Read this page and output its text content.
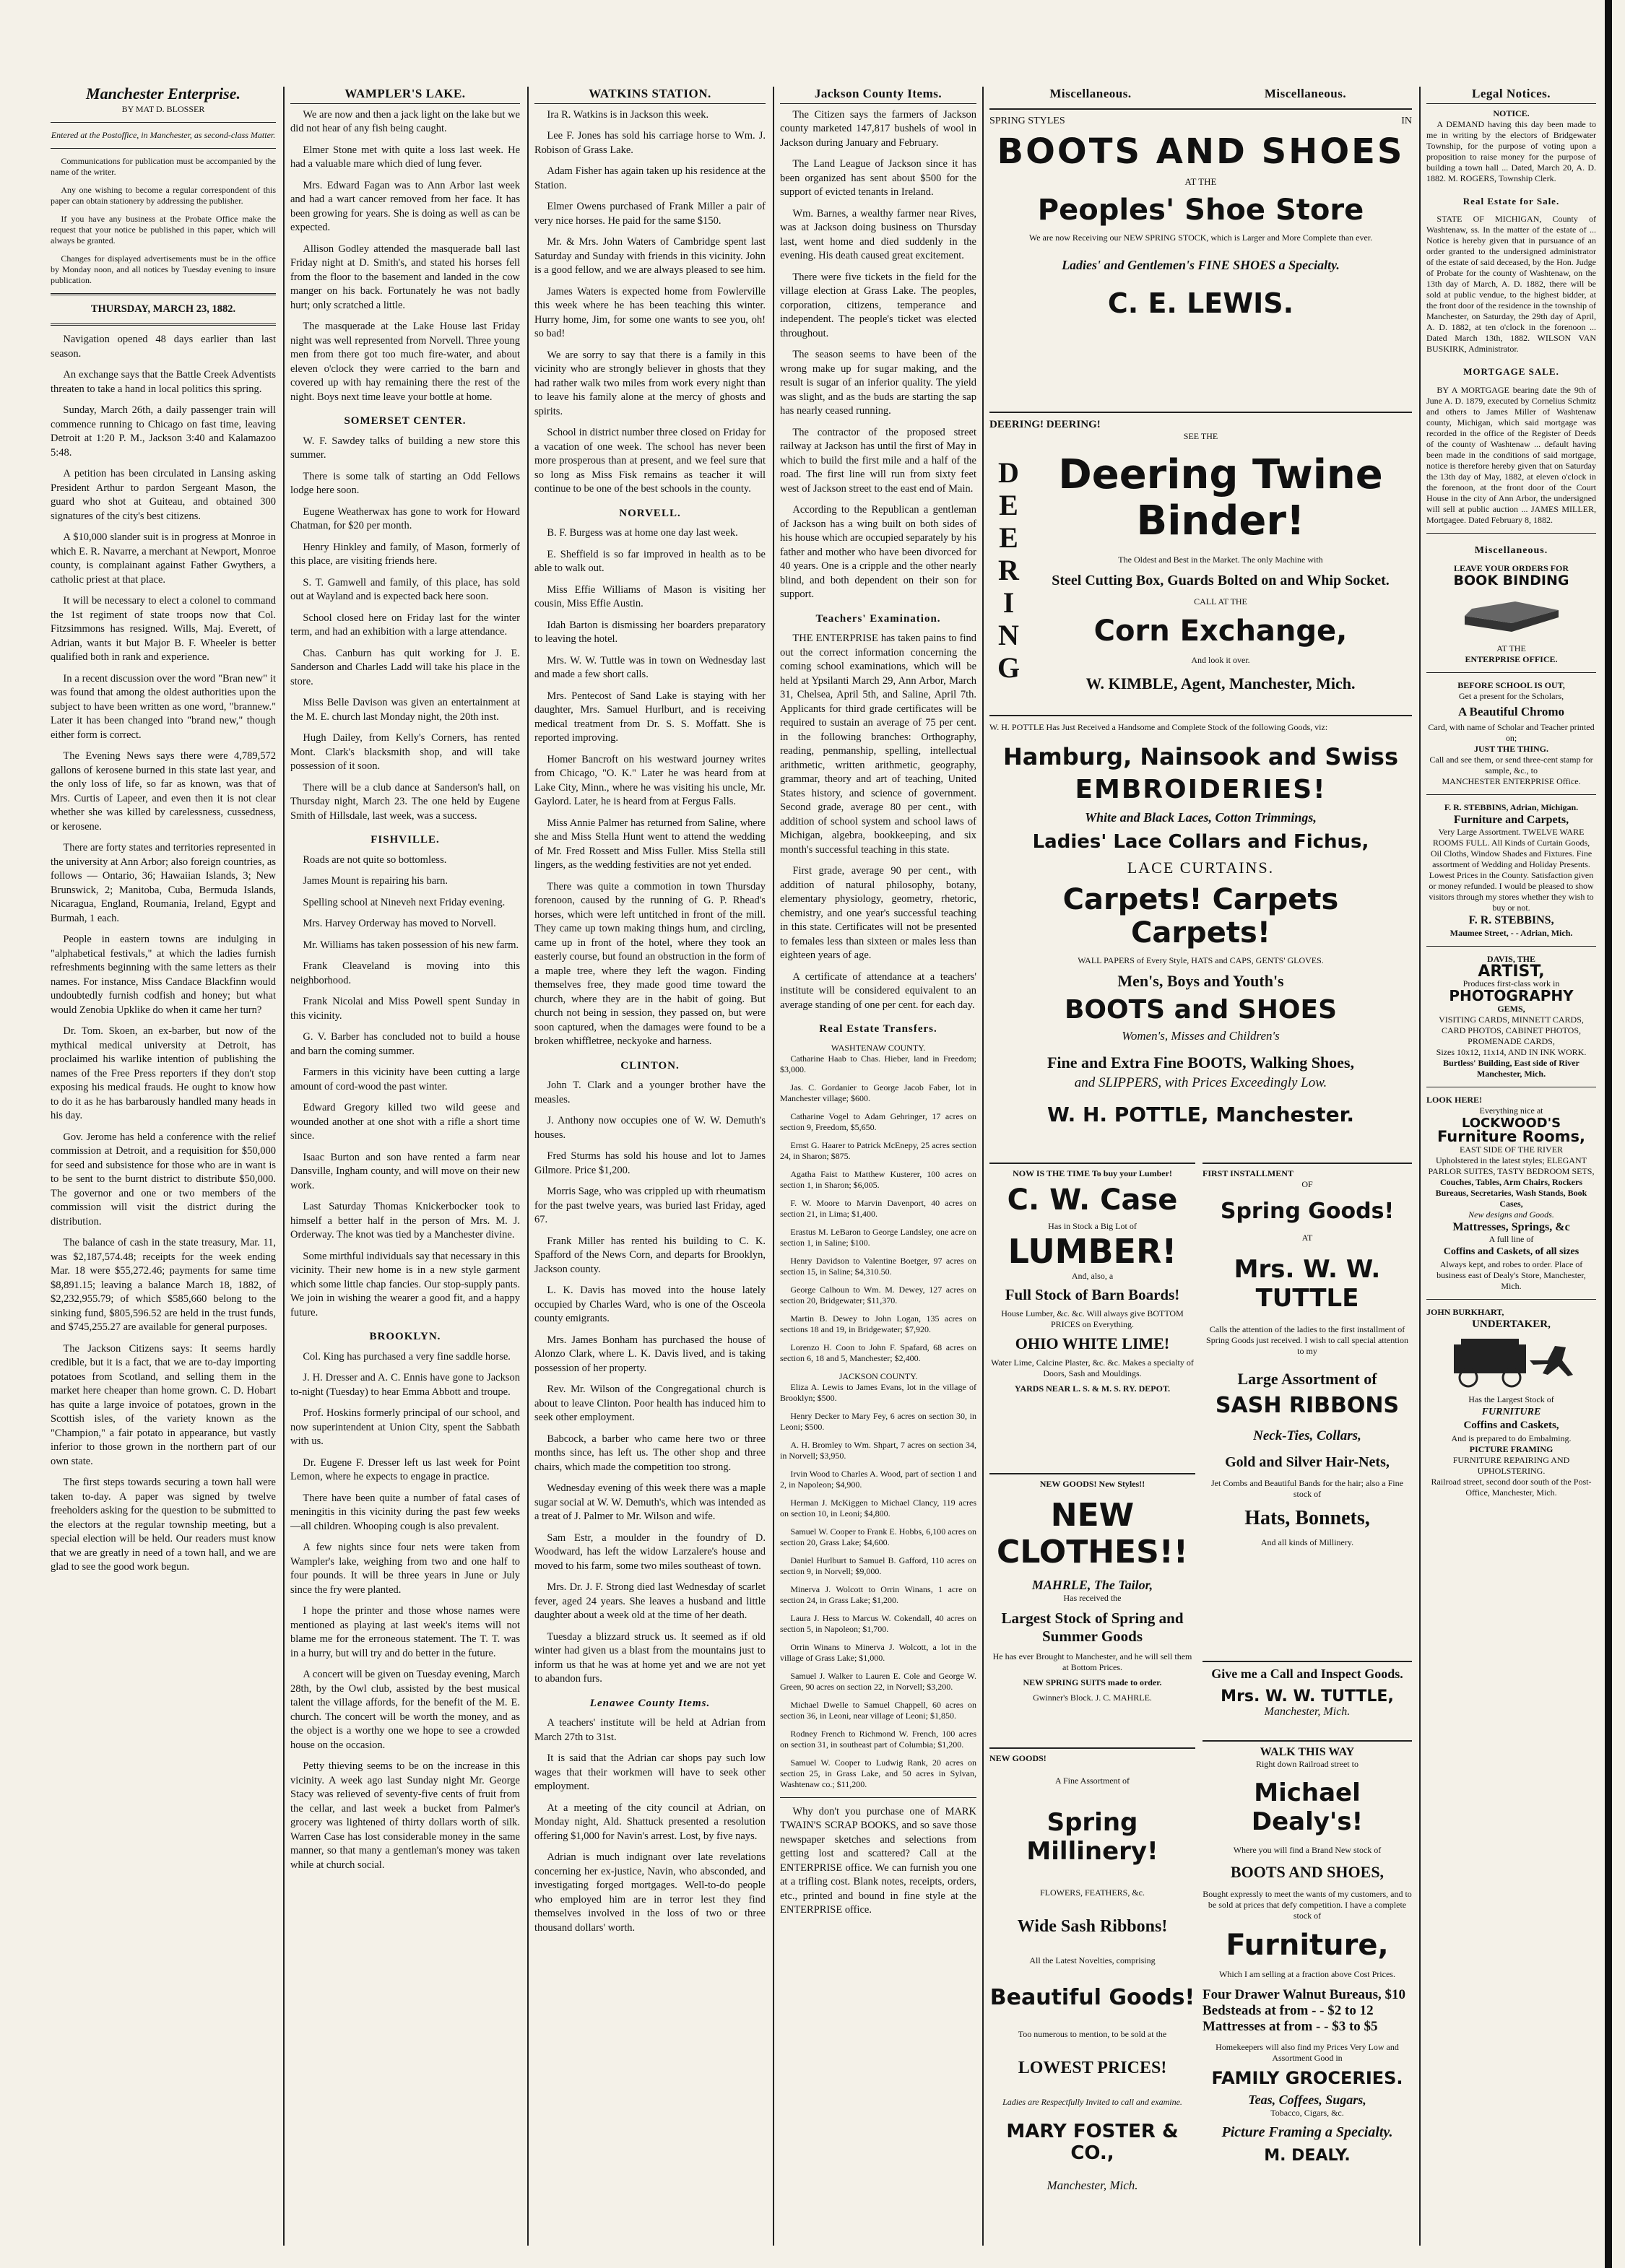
Manchester Enterprise.
BY MAT D. BLOSSER
Entered at the Postoffice, in Manchester, as second-class Matter.

Communications for publication must be accompanied by the name of the writer.

Any one wishing to become a regular correspondent of this paper can obtain stationery by addressing the publisher.

If you have any business at the Probate Office make the request that your notice be published in this paper, which will always be granted.

Changes for displayed advertisements must be in the office by Monday noon, and all notices by Tuesday evening to insure publication.

THURSDAY, MARCH 23, 1882.

Navigation opened 48 days earlier than last season.

An exchange says that the Battle Creek Adventists threaten to take a hand in local politics this spring.

Sunday, March 26th, a daily passenger train will commence running to Chicago on fast time, leaving Detroit at 1:20 P. M., Jackson 3:40 and Kalamazoo 5:48.

A petition has been circulated in Lansing asking President Arthur to pardon Sergeant Mason, the guard who shot at Guiteau, and obtained 300 signatures of the city's best citizens.

A $10,000 slander suit is in progress at Monroe in which E. R. Navarre, a merchant at Newport, Monroe county, is complainant against Father Gwythers, a catholic priest at that place.

It will be necessary to elect a colonel to command the 1st regiment of state troops now that Col. Fitzsimmons has resigned. Wills, Maj. Everett, of Adrian, wants it but Major B. F. Wheeler is better qualified both in rank and experience.

In a recent discussion over the word "Bran new" it was found that among the oldest authorities upon the subject to have been written as one word, "brannew." Later it has been changed into "brand new," though either form is correct.

The Evening News says there were 4,789,572 gallons of kerosene burned in this state last year, and the only loss of life, so far as known, was that of Mrs. Curtis of Lapeer, and even then it is not clear whether she was killed by carelessness, cussedness, or kerosene.

There are forty states and territories represented in the university at Ann Arbor; also foreign countries, as follows — Ontario, 36; Hawaiian Islands, 3; New Brunswick, 2; Manitoba, Cuba, Bermuda Islands, Nicaragua, England, Roumania, Ireland, Egypt and Burmah, 1 each.

People in eastern towns are indulging in "alphabetical festivals," at which the ladies furnish refreshments beginning with the same letters as their names. For instance, Miss Candace Blackfinn would undoubtedly furnish codfish and honey; but what would Zenobia Upklike do when it came her turn?

Dr. Tom. Skoen, an ex-barber, but now of the mythical medical university at Detroit, has proclaimed his warlike intention of publishing the names of the Free Press reporters if they don't stop exposing his medical frauds. He ought to know how to do it as he has barbarously handled many heads in his day.

Gov. Jerome has held a conference with the relief commission at Detroit, and a requisition for $50,000 for seed and subsistence for those who are in want is to be sent to the burnt district to distribute $50,000. The governor and one or two members of the commission will visit the district during the distribution.

The balance of cash in the state treasury, Mar. 11, was $2,187,574.48; receipts for the week ending Mar. 18 were $55,272.46; payments for same time $8,891.15; leaving a balance March 18, 1882, of $2,232,955.79; of which $585,660 belong to the sinking fund, $805,596.52 are held in the trust funds, and $745,255.27 are available for general purposes.

The Jackson Citizens says: It seems hardly credible, but it is a fact, that we are to-day importing potatoes from Scotland, and selling them in the market here cheaper than home grown. C. D. Hobart has quite a large invoice of potatoes, grown in the Scottish isles, of the variety known as the "Champion," a fair potato in appearance, but vastly inferior to those grown in the northern part of our own state.

The first steps towards securing a town hall were taken to-day. A paper was signed by twelve freeholders asking for the question to be submitted to the electors at the regular township meeting, but a special election will be held. Our readers must know that we are greatly in need of a town hall, and we are glad to see the good work begun.

WAMPLER'S LAKE.

We are now and then a jack light on the lake but we did not hear of any fish being caught.

Elmer Stone met with quite a loss last week. He had a valuable mare which died of lung fever.

Mrs. Edward Fagan was to Ann Arbor last week and had a wart cancer removed from her face. It has been growing for years. She is doing as well as can be expected.

Allison Godley attended the masquerade ball last Friday night at D. Smith's, and stated his horses fell from the floor to the basement and landed in the cow manger on his back. Fortunately he was not badly hurt; only scratched a little.

The masquerade at the Lake House last Friday night was well represented from Norvell. Three young men from there got too much fire-water, and about eleven o'clock they were carried to the barn and covered up with hay remaining there the rest of the night. Boys next time leave your bottle at home.

SOMERSET CENTER.

W. F. Sawdey talks of building a new store this summer.

There is some talk of starting an Odd Fellows lodge here soon.

Eugene Weatherwax has gone to work for Howard Chatman, for $20 per month.

Henry Hinkley and family, of Mason, formerly of this place, are visiting friends here.

S. T. Gamwell and family, of this place, has sold out at Wayland and is expected back here soon.

School closed here on Friday last for the winter term, and had an exhibition with a large attendance.

Chas. Canburn has quit working for J. E. Sanderson and Charles Ladd will take his place in the store.

Miss Belle Davison was given an entertainment at the M. E. church last Monday night, the 20th inst.

Hugh Dailey, from Kelly's Corners, has rented Mont. Clark's blacksmith shop, and will take possession of it soon.

There will be a club dance at Sanderson's hall, on Thursday night, March 23. The one held by Eugene Smith of Hillsdale, last week, was a success.

FISHVILLE.

Roads are not quite so bottomless.

James Mount is repairing his barn.

Spelling school at Nineveh next Friday evening.

Mrs. Harvey Orderway has moved to Norvell.

Mr. Williams has taken possession of his new farm.

Frank Cleaveland is moving into this neighborhood.

Frank Nicolai and Miss Powell spent Sunday in this vicinity.

G. V. Barber has concluded not to build a house and barn the coming summer.

Farmers in this vicinity have been cutting a large amount of cord-wood the past winter.

Edward Gregory killed two wild geese and wounded another at one shot with a rifle a short time since.

Isaac Burton and son have rented a farm near Dansville, Ingham county, and will move on their new work.

Last Saturday Thomas Knickerbocker took to himself a better half in the person of Mrs. M. J. Orderway. The knot was tied by a Manchester divine.

Some mirthful individuals say that necessary in this vicinity. Their new home is in a new style garment which some little chap fancies. Our stop-supply pants. We join in wishing the wearer a good fit, and a happy future.

BROOKLYN.

Col. King has purchased a very fine saddle horse.

J. H. Dresser and A. C. Ennis have gone to Jackson to-night (Tuesday) to hear Emma Abbott and troupe.

Prof. Hoskins formerly principal of our school, and now superintendent at Union City, spent the Sabbath with us.

Dr. Eugene F. Dresser left us last week for Point Lemon, where he expects to engage in practice.

There have been quite a number of fatal cases of meningitis in this vicinity during the past few weeks—all children. Whooping cough is also prevalent.

A few nights since four nets were taken from Wampler's lake, weighing from two and one half to four pounds. It will be three years in June or July since the fry were planted.

I hope the printer and those whose names were mentioned as playing at last week's items will not blame me for the erroneous statement. The T. T. was in a hurry, but will try and do better in the future.

A concert will be given on Tuesday evening, March 28th, by the Owl club, assisted by the best musical talent the village affords, for the benefit of the M. E. church. The concert will be worth the money, and as the object is a worthy one we hope to see a crowded house on the occasion.

Petty thieving seems to be on the increase in this vicinity. A week ago last Sunday night Mr. George Stacy was relieved of seventy-five cents of fruit from the cellar, and last week a bucket from Palmer's grocery was lightened of thirty dollars worth of silk. Warren Case has lost considerable money in the same manner, so that many a gentleman's money was taken while at church social.

WATKINS STATION.

Ira R. Watkins is in Jackson this week.

Lee F. Jones has sold his carriage horse to Wm. J. Robison of Grass Lake.

Adam Fisher has again taken up his residence at the Station.

Elmer Owens purchased of Frank Miller a pair of very nice horses. He paid for the same $150.

Mr. & Mrs. John Waters of Cambridge spent last Saturday and Sunday with friends in this vicinity. John is a good fellow, and we are always pleased to see him.

James Waters is expected home from Fowlerville this week where he has been teaching this winter. Hurry home, Jim, for some one wants to see you, oh! so bad!

We are sorry to say that there is a family in this vicinity who are strongly believer in ghosts that they had rather walk two miles from work every night than to leave his family alone at the mercy of ghosts and spirits.

School in district number three closed on Friday for a vacation of one week. The school has never been more prosperous than at present, and we feel sure that so long as Miss Fisk remains as teacher it will continue to be one of the best schools in the county.

NORVELL.

B. F. Burgess was at home one day last week.

E. Sheffield is so far improved in health as to be able to walk out.

Miss Effie Williams of Mason is visiting her cousin, Miss Effie Austin.

Idah Barton is dismissing her boarders preparatory to leaving the hotel.

Mrs. W. W. Tuttle was in town on Wednesday last and made a few short calls.

Mrs. Pentecost of Sand Lake is staying with her daughter, Mrs. Samuel Hurlburt, and is receiving medical treatment from Dr. S. S. Moffatt. She is reported improving.

Homer Bancroft on his westward journey writes from Chicago, "O. K." Later he was heard from at Lake City, Minn., where he was visiting his uncle, Mr. Gaylord. Later, he is heard from at Fergus Falls.

Miss Annie Palmer has returned from Saline, where she and Miss Stella Hunt went to attend the wedding of Mr. Fred Rossett and Miss Fuller. Miss Stella still lingers, as the wedding festivities are not yet ended.

There was quite a commotion in town Thursday forenoon, caused by the running of G. P. Rhead's horses, which were left untitched in front of the mill. They came up town making things hum, and circling, came up in front of the hotel, where they took an easterly course, but found an obstruction in the form of a maple tree, where they left the wagon. Finding themselves free, they made good time toward the church, where they are in the habit of going. But church not being in session, they passed on, but were soon captured, when the damages were found to be a broken whiffletree, neckyoke and harness.

CLINTON.

John T. Clark and a younger brother have the measles.

J. Anthony now occupies one of W. W. Demuth's houses.

Fred Sturms has sold his house and lot to James Gilmore. Price $1,200.

Morris Sage, who was crippled up with rheumatism for the past twelve years, was buried last Friday, aged 67.

Frank Miller has rented his building to C. K. Spafford of the News Corn, and departs for Brooklyn, Jackson county.

L. K. Davis has moved into the house lately occupied by Charles Ward, who is one of the Osceola county emigrants.

Mrs. James Bonham has purchased the house of Alonzo Clark, where L. K. Davis lived, and is taking possession of her property.

Rev. Mr. Wilson of the Congregational church is about to leave Clinton. Poor health has induced him to seek other employment.

Babcock, a barber who came here two or three months since, has left us. The other shop and three chairs, which made the competition too strong.

Wednesday evening of this week there was a maple sugar social at W. W. Demuth's, which was intended as a treat of J. Palmer to Mr. Wilson and wife.

Sam Estr, a moulder in the foundry of D. Woodward, has left the widow Larzalere's house and moved to his farm, some two miles southeast of town.

Mrs. Dr. J. F. Strong died last Wednesday of scarlet fever, aged 24 years. She leaves a husband and little daughter about a week old at the time of her death.

Tuesday a blizzard struck us. It seemed as if old winter had given us a blast from the mountains just to inform us that he was at home yet and we are not yet to abandon furs.

Lenawee County Items.

A teachers' institute will be held at Adrian from March 27th to 31st.

It is said that the Adrian car shops pay such low wages that their workmen will have to seek other employment.

At a meeting of the city council at Adrian, on Monday night, Ald. Shattuck presented a resolution offering $1,000 for Navin's arrest. Lost, by five nays.

Adrian is much indignant over late revelations concerning her ex-justice, Navin, who absconded, and investigating forged mortgages. Well-to-do people who employed him are in terror lest they find themselves involved in the loss of two or three thousand dollars' worth.

Jackson County Items.

The Citizen says the farmers of Jackson county marketed 147,817 bushels of wool in Jackson during January and February.

The Land League of Jackson since it has been organized has sent about $500 for the support of evicted tenants in Ireland.

Wm. Barnes, a wealthy farmer near Rives, was at Jackson doing business on Thursday last, went home and died suddenly in the evening. His death caused great excitement.

There were five tickets in the field for the village election at Grass Lake. The peoples, corporation, citizens, temperance and independent. The people's ticket was elected throughout.

The season seems to have been of the wrong make up for sugar making, and the result is sugar of an inferior quality. The yield was slight, and as the buds are starting the sap has nearly ceased running.

The contractor of the proposed street railway at Jackson has until the first of May in which to build the first mile and a half of the road. The first line will run from sixty feet west of Jackson street to the east end of Main.

According to the Republican a gentleman of Jackson has a wing built on both sides of his house which are occupied separately by his father and mother who have been divorced for 40 years. One is a cripple and the other nearly blind, and both dependent on their son for support.

Teachers' Examination.

THE ENTERPRISE has taken pains to find out the correct information concerning the coming school examinations, which will be held at Ypsilanti March 29, Ann Arbor, March 31, Chelsea, April 5th, and Saline, April 7th. Applicants for third grade certificates will be required to sustain an average of 75 per cent. in the following branches: Orthography, reading, penmanship, spelling, intellectual arithmetic, written arithmetic, geography, grammar, theory and art of teaching, United States history, and science of government. Second grade, average 80 per cent., with addition of school system and school laws of Michigan, algebra, bookkeeping, and six month's successful teaching in this state.

First grade, average 90 per cent., with addition of natural philosophy, botany, elementary physiology, geometry, rhetoric, chemistry, and one year's successful teaching in this state. Certificates will not be presented to females less than sixteen or males less than eighteen years of age.

A certificate of attendance at a teachers' institute will be considered equivalent to an average standing of one per cent. for each day.

Real Estate Transfers.
WASHTENAW COUNTY.

Catharine Haab to Chas. Hieber, land in Freedom; $3,000.

Jas. C. Gordanier to George Jacob Faber, lot in Manchester village; $600.

Catharine Vogel to Adam Gehringer, 17 acres on section 9, Freedom, $5,650.

Ernst G. Haarer to Patrick McEnepy, 25 acres section 24, in Sharon; $875.

Agatha Faist to Matthew Kusterer, 100 acres on section 1, in Sharon; $6,005.

F. W. Moore to Marvin Davenport, 40 acres on section 21, in Lima; $1,400.

Erastus M. LeBaron to George Landsley, one acre on section 1, in Saline; $100.

Henry Davidson to Valentine Boetger, 97 acres on section 15, in Saline; $4,310.50.

George Calhoun to Wm. M. Dewey, 127 acres on section 20, Bridgewater; $11,370.

Martin B. Dewey to John Logan, 135 acres on sections 18 and 19, in Bridgewater; $7,920.

Lorenzo H. Coon to John F. Spafard, 68 acres on section 6, 18 and 5, Manchester; $2,400.

JACKSON COUNTY.

Eliza A. Lewis to James Evans, lot in the village of Brooklyn; $500.

Henry Decker to Mary Fey, 6 acres on section 30, in Leoni; $500.

A. H. Bromley to Wm. Shpart, 7 acres on section 34, in Norvell; $3,950.

Irvin Wood to Charles A. Wood, part of section 1 and 2, in Napoleon; $4,900.

Herman J. McKiggen to Michael Clancy, 119 acres on section 10, in Leoni; $4,800.

Samuel W. Cooper to Frank E. Hobbs, 6,100 acres on section 20, Grass Lake; $4,600.

Daniel Hurlburt to Samuel B. Gafford, 110 acres on section 9, in Norvell; $9,000.

Minerva J. Wolcott to Orrin Winans, 1 acre on section 24, in Grass Lake; $1,200.

Laura J. Hess to Marcus W. Cokendall, 40 acres on section 5, in Napoleon; $1,700.

Orrin Winans to Minerva J. Wolcott, a lot in the village of Grass Lake; $1,000.

Samuel J. Walker to Lauren E. Cole and George W. Green, 90 acres on section 22, in Norvell; $3,200.

Michael Dwelle to Samuel Chappell, 60 acres on section 36, in Leoni, near village of Leoni; $1,850.

Rodney French to Richmond W. French, 100 acres on section 31, in southeast part of Columbia; $1,200.

Samuel W. Cooper to Ludwig Rank, 20 acres on section 25, in Grass Lake, and 50 acres in Sylvan, Washtenaw co.; $11,200.

Why don't you purchase one of MARK TWAIN'S SCRAP BOOKS, and so save those newspaper sketches and selections from getting lost and scattered? Call at the ENTERPRISE office. We can furnish you one at a trifling cost. Blank notes, receipts, orders, etc., printed and bound in fine style at the ENTERPRISE office.

Miscellaneous.	Miscellaneous.
SPRING STYLES	IN
BOOTS AND SHOES
AT THE
Peoples' Shoe Store
We are now Receiving our NEW SPRING STOCK, which is Larger and More Complete than ever.
Ladies' and Gentlemen's FINE SHOES a Specialty.
C. E. LEWIS.
DEERING! DEERING!
SEE THE
DEERING Deering Twine Binder!
The Oldest and Best in the Market. The only Machine with
Steel Cutting Box, Guards Bolted on and Whip Socket.
CALL AT THE
Corn Exchange,
And look it over.
W. KIMBLE, Agent, Manchester, Mich.
W. H. POTTLE Has Just Received a Handsome and Complete Stock of the following Goods, viz:
Hamburg, Nainsook and Swiss
EMBROIDERIES!
White and Black Laces, Cotton Trimmings,
Ladies' Lace Collars and Fichus,
LACE CURTAINS.
Carpets! Carpets Carpets!
WALL PAPERS of Every Style, HATS and CAPS, GENTS' GLOVES.
Men's, Boys and Youth's
BOOTS and SHOES
Women's, Misses and Children's
Fine and Extra Fine BOOTS, Walking Shoes,
and SLIPPERS, with Prices Exceedingly Low.
W. H. POTTLE, Manchester.
NOW IS THE TIME To buy your Lumber!
C. W. Case
Has in Stock a Big Lot of
LUMBER!
And, also, a
Full Stock of Barn Boards!
House Lumber, &c. &c. Will always give BOTTOM PRICES on Everything.
OHIO WHITE LIME!
Water Lime, Calcine Plaster, &c. &c. Makes a specialty of Doors, Sash and Mouldings.
YARDS NEAR L. S. & M. S. RY. DEPOT.
NEW GOODS! New Styles!!
NEW CLOTHES!!
MAHRLE, The Tailor,
Has received the
Largest Stock of Spring and Summer Goods
He has ever Brought to Manchester, and he will sell them at Bottom Prices.
NEW SPRING SUITS made to order.
Gwinner's Block. J. C. MAHRLE.
NEW GOODS!
A Fine Assortment of
Spring Millinery!
FLOWERS, FEATHERS, &c.
Wide Sash Ribbons!
All the Latest Novelties, comprising
Beautiful Goods!
Too numerous to mention, to be sold at the
LOWEST PRICES!
Ladies are Respectfully Invited to call and examine.
MARY FOSTER & CO.,
Manchester, Mich.
FIRST INSTALLMENT
OF
Spring Goods!
AT
Mrs. W. W. TUTTLE
Calls the attention of the ladies to the first installment of Spring Goods just received. I wish to call special attention to my
Large Assortment of
SASH RIBBONS
Neck-Ties, Collars,
Gold and Silver Hair-Nets,
Jet Combs and Beautiful Bands for the hair; also a Fine stock of
Hats, Bonnets,
And all kinds of Millinery.
Give me a Call and Inspect Goods.
Mrs. W. W. TUTTLE,
Manchester, Mich.
WALK THIS WAY
Right down Railroad street to
Michael Dealy's!
Where you will find a Brand New stock of
BOOTS AND SHOES,
Bought expressly to meet the wants of my customers, and to be sold at prices that defy competition. I have a complete stock of
Furniture,
Which I am selling at a fraction above Cost Prices.
Four Drawer Walnut Bureaus, $10
Bedsteads at from - - $2 to 12
Mattresses at from - - $3 to $5
Homekeepers will also find my Prices Very Low and Assortment Good in
FAMILY GROCERIES.
Teas, Coffees, Sugars,
Tobacco, Cigars, &c.
Picture Framing a Specialty.
M. DEALY.
Legal Notices.
NOTICE.

A DEMAND having this day been made to me in writing by the electors of Bridgewater Township, for the purpose of voting upon a proposition to raise money for the purpose of building a town hall ... Dated, March 20, A. D. 1882. M. ROGERS, Township Clerk.

Real Estate for Sale.

STATE OF MICHIGAN, County of Washtenaw, ss. In the matter of the estate of ... Notice is hereby given that in pursuance of an order granted to the undersigned administrator of the estate of said deceased, by the Hon. Judge of Probate for the county of Washtenaw, on the 13th day of March, A. D. 1882, there will be sold at public vendue, to the highest bidder, at the front door of the residence in the township of Manchester, on Saturday, the 29th day of April, A. D. 1882, at ten o'clock in the forenoon ... Dated March 13th, 1882. WILSON VAN BUSKIRK, Administrator.

MORTGAGE SALE.

BY A MORTGAGE bearing date the 9th of June A. D. 1879, executed by Cornelius Schmitz and others to James Miller of Washtenaw county, Michigan, which said mortgage was recorded in the office of the Register of Deeds of the county of Washtenaw ... default having been made in the conditions of said mortgage, notice is therefore hereby given that on Saturday the 13th day of May, 1882, at eleven o'clock in the forenoon, at the front door of the Court House in the city of Ann Arbor, the undersigned will sell at public auction ... JAMES MILLER, Mortgagee. Dated February 8, 1882.

Miscellaneous.
LEAVE YOUR ORDERS FOR
BOOK BINDING
AT THE
ENTERPRISE OFFICE.
BEFORE SCHOOL IS OUT,
Get a present for the Scholars,
A Beautiful Chromo
Card, with name of Scholar and Teacher printed on;
JUST THE THING.
Call and see them, or send three-cent stamp for sample, &c., to
MANCHESTER ENTERPRISE Office.
F. R. STEBBINS, Adrian, Michigan.
Furniture and Carpets,
Very Large Assortment. TWELVE WARE ROOMS FULL. All Kinds of Curtain Goods, Oil Cloths, Window Shades and Fixtures. Fine assortment of Wedding and Holiday Presents. Lowest Prices in the County. Satisfaction given or money refunded. I would be pleased to show visitors through my stores whether they wish to buy or not.
F. R. STEBBINS,
Maumee Street, - - Adrian, Mich.
DAVIS, THE
ARTIST,
Produces first-class work in
PHOTOGRAPHY
GEMS,
VISITING CARDS, MINNETT CARDS, CARD PHOTOS, CABINET PHOTOS,
PROMENADE CARDS,
Sizes 10x12, 11x14, AND IN INK WORK.
Burtless' Building, East side of River Manchester, Mich.
LOOK HERE!
Everything nice at
LOCKWOOD'S
Furniture Rooms,
EAST SIDE OF THE RIVER
Upholstered in the latest styles; ELEGANT PARLOR SUITES, TASTY BEDROOM SETS,
Couches, Tables, Arm Chairs, Rockers Bureaus, Secretaries, Wash Stands, Book Cases,
New designs and Goods.
Mattresses, Springs, &c
A full line of
Coffins and Caskets, of all sizes
Always kept, and robes to order. Place of business east of Dealy's Store, Manchester, Mich.
JOHN BURKHART,
UNDERTAKER,
Has the Largest Stock of
FURNITURE
Coffins and Caskets,
And is prepared to do Embalming.
PICTURE FRAMING
FURNITURE REPAIRING AND UPHOLSTERING.
Railroad street, second door south of the Post-Office, Manchester, Mich.
